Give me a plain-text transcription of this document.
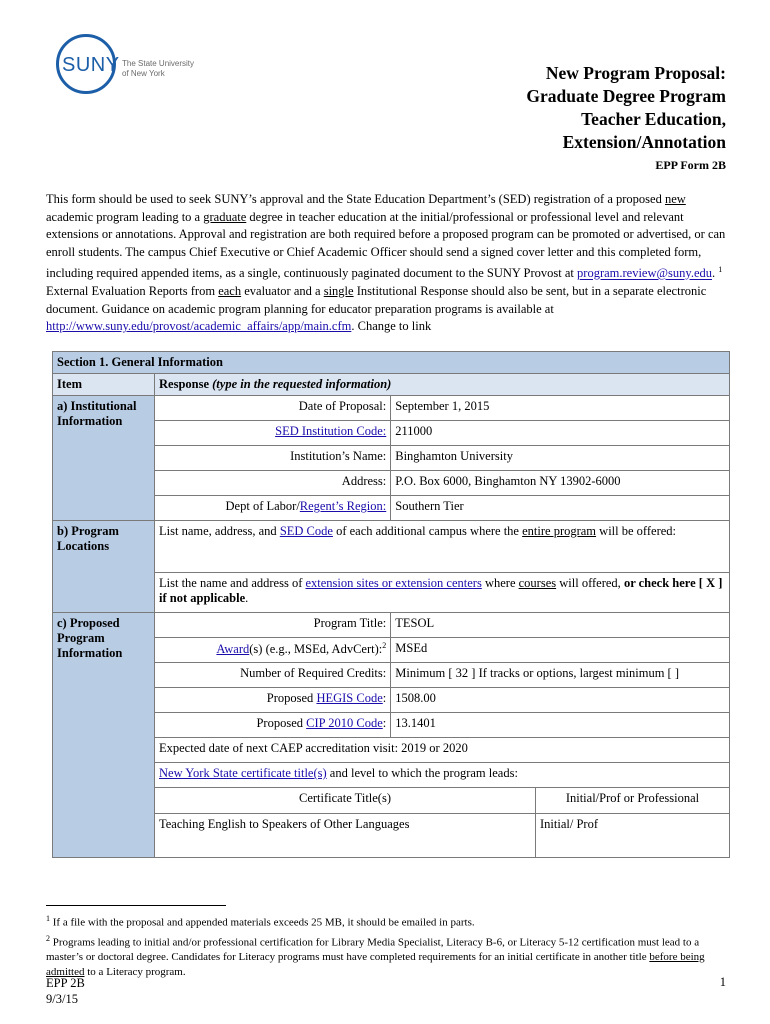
SUNY The State University
of New York	New Program Proposal:
Graduate Degree Program
Teacher Education,
Extension/Annotation
EPP Form 2B
This form should be used to seek SUNY’s approval and the State Education Department’s (SED) registration of a proposed new academic program leading to a graduate degree in teacher education at the initial/professional or professional level and relevant extensions or annotations. Approval and registration are both required before a proposed program can be promoted or advertised, or can enroll students. The campus Chief Executive or Chief Academic Officer should send a signed cover letter and this completed form, including required appended items, as a single, continuously paginated document to the SUNY Provost at program.review@suny.edu. $^1$ External Evaluation Reports from each evaluator and a single Institutional Response should also be sent, but in a separate electronic document. Guidance on academic program planning for educator preparation programs is available at http://www.suny.edu/provost/academic_affairs/app/main.cfm. Change to link
Section 1. General Information
Item	Response (type in the requested information)
a) Institutional Information	Date of Proposal:	September 1, 2015
SED Institution Code:	211000
Institution’s Name:	Binghamton University
Address:	P.O. Box 6000, Binghamton NY 13902-6000
Dept of Labor/Regent’s Region:	Southern Tier
b) Program Locations	List name, address, and SED Code of each additional campus where the entire program will be offered:
List the name and address of extension sites or extension centers where courses will offered, or check here [ X ] if not applicable.
c) Proposed Program Information	Program Title:	TESOL
Award(s) (e.g., MSEd, AdvCert):$^2$	MSEd
Number of Required Credits:	Minimum [ 32 ] If tracks or options, largest minimum [ ]
Proposed HEGIS Code:	1508.00
Proposed CIP 2010 Code:	13.1401
Expected date of next CAEP accreditation visit: 2019 or 2020
New York State certificate title(s) and level to which the program leads:

Certificate Title(s)	Initial/Prof or Professional
Teaching English to Speakers of Other Languages	Initial/ Prof
$^1$ If a file with the proposal and appended materials exceeds 25 MB, it should be emailed in parts.
$^2$ Programs leading to initial and/or professional certification for Library Media Specialist, Literacy B-6, or Literacy 5-12 certification must lead to a master’s or doctoral degree. Candidates for Literacy programs must have completed requirements for an initial certificate in another title before being admitted to a Literacy program.
EPP 2B
9/3/15
1
